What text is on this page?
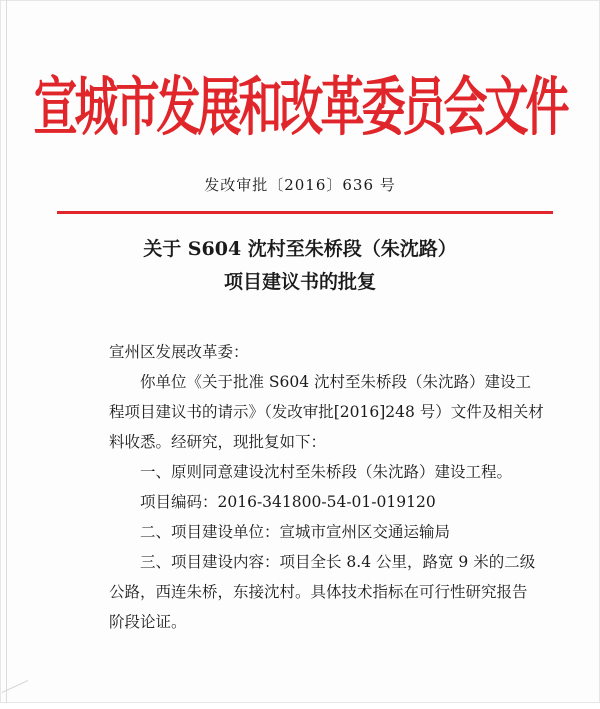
宣城市发展和改革委员会文件
发改审批〔2016〕636 号
关于 S604 沈村至朱桥段（朱沈路）
项目建议书的批复

宣州区发展改革委：

你单位《关于批准 S604 沈村至朱桥段（朱沈路）建设工

程项目建议书的请示》（发改审批[2016]248 号）文件及相关材

料收悉。经研究，现批复如下：

一、原则同意建设沈村至朱桥段（朱沈路）建设工程。

项目编码：2016-341800-54-01-019120

二、项目建设单位：宣城市宣州区交通运输局

三、项目建设内容：项目全长 8.4 公里，路宽 9 米的二级

公路，西连朱桥，东接沈村。具体技术指标在可行性研究报告

阶段论证。
